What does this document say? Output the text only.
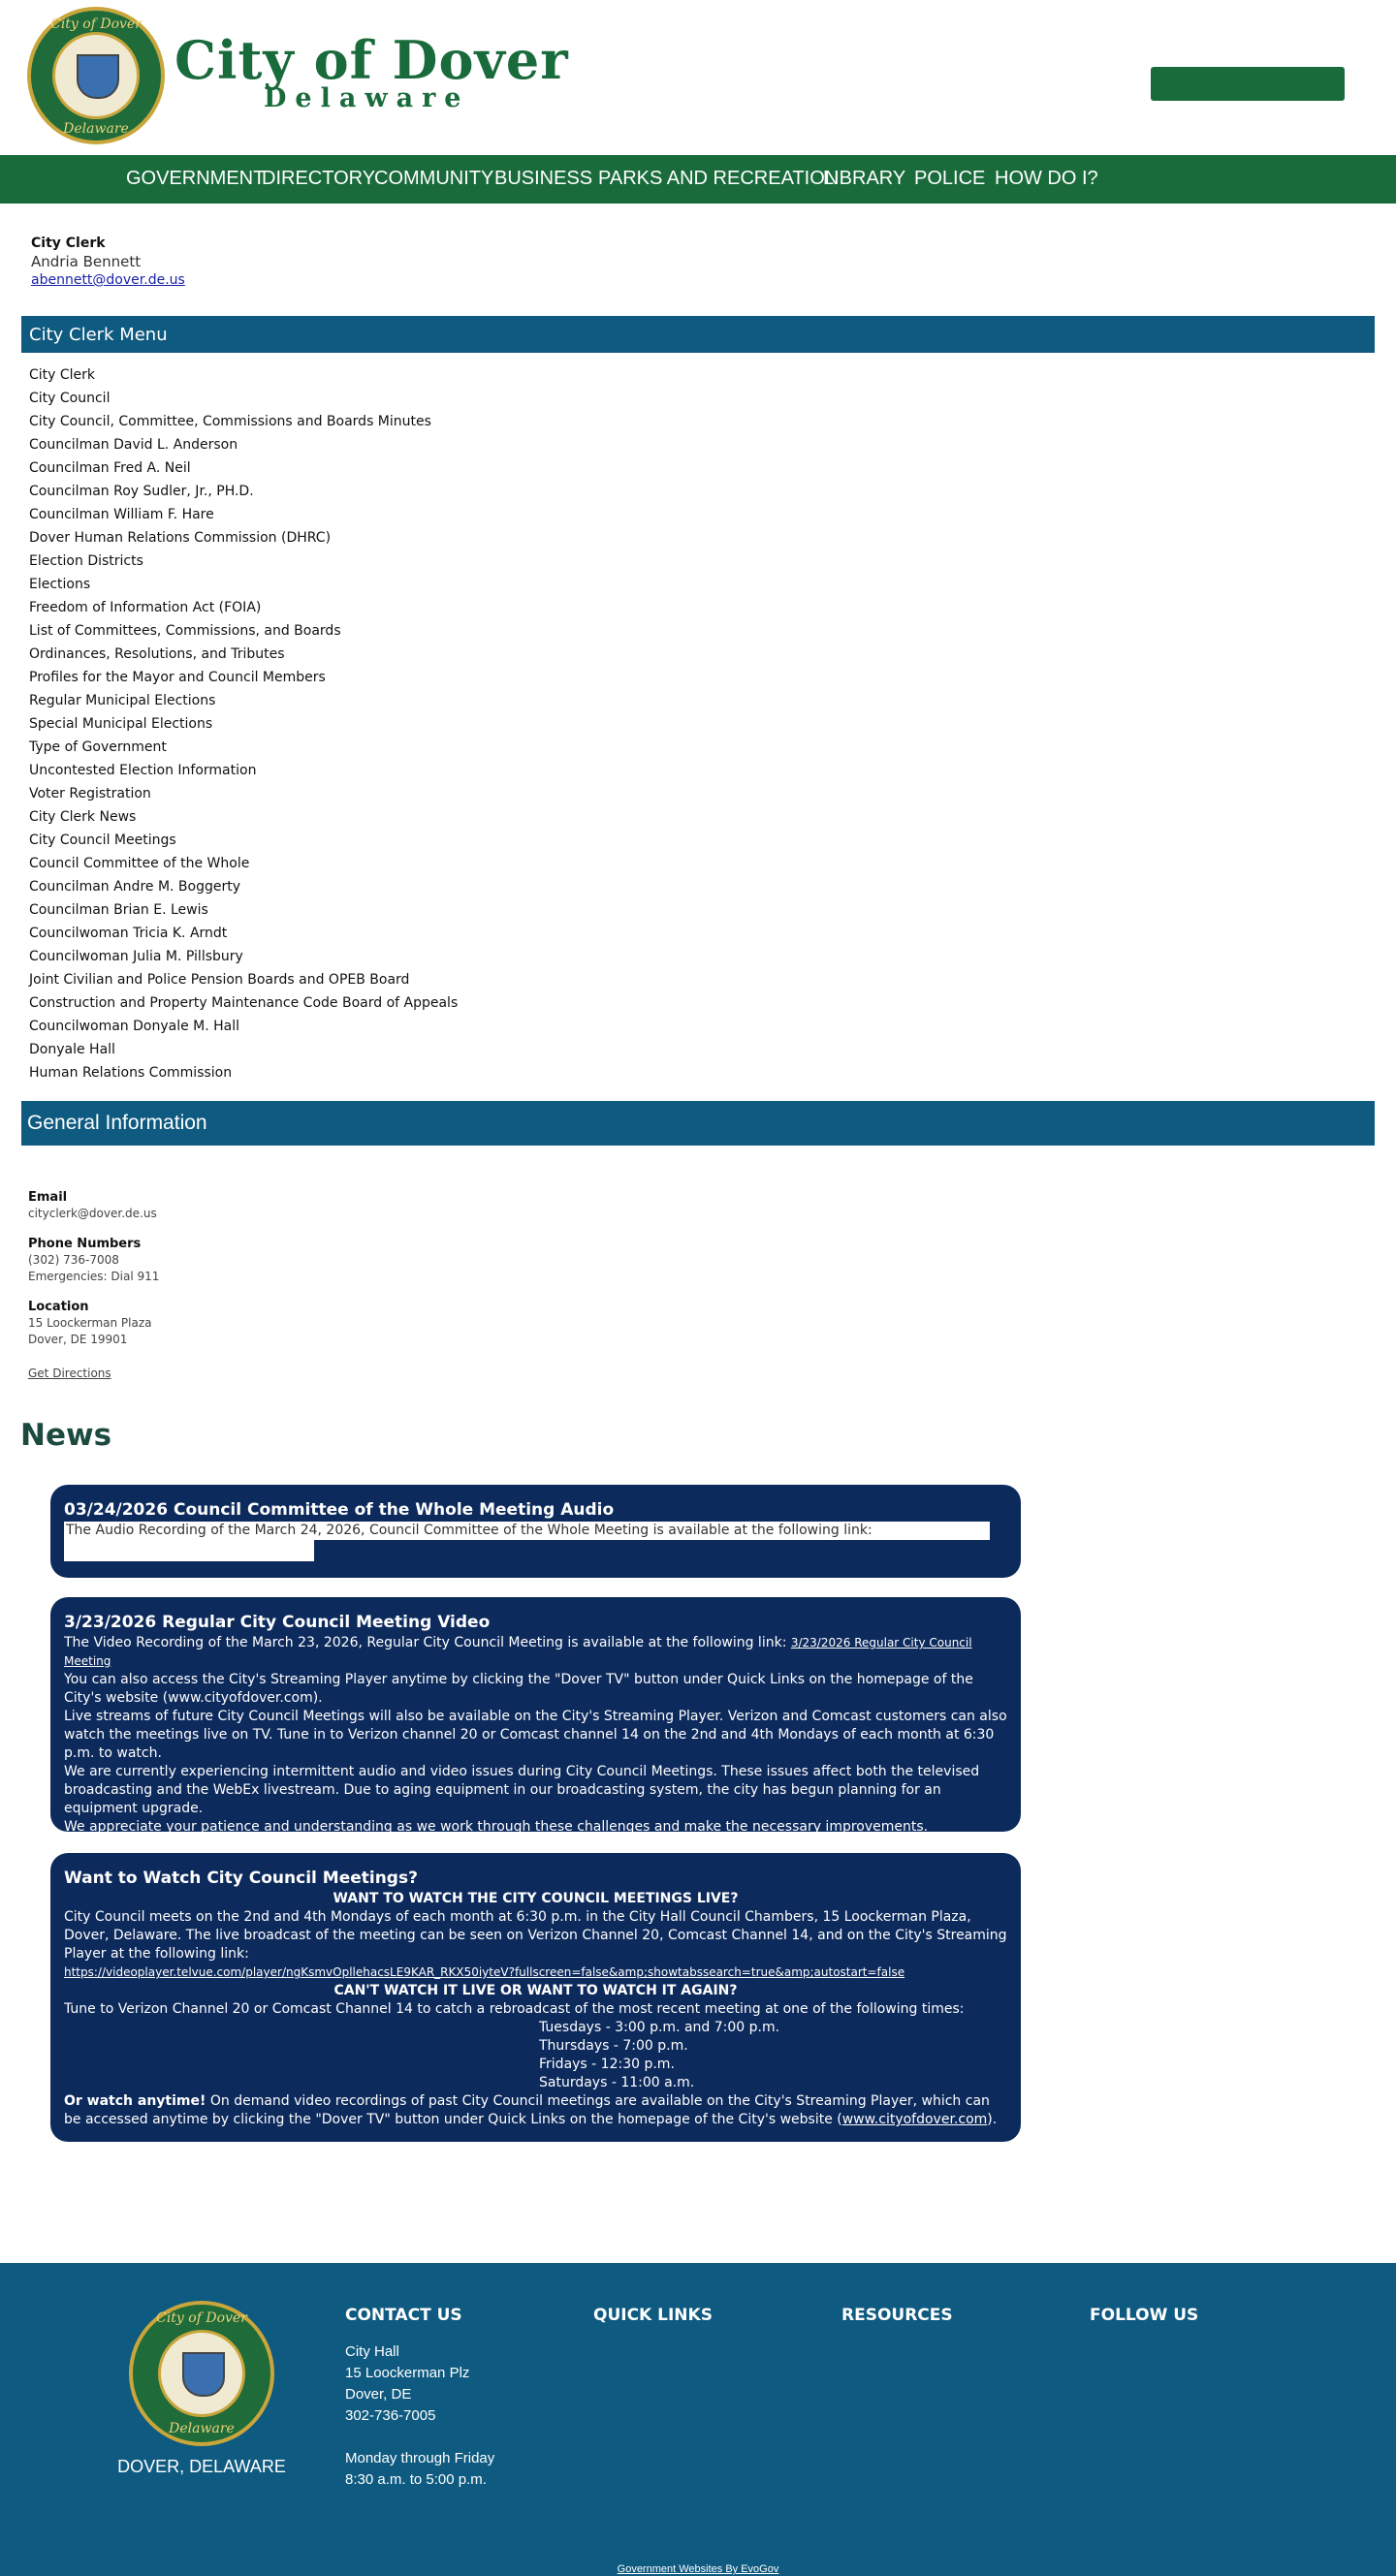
City of Dover
Delaware
City of Dover
Delaware
GOVERNMENT
DIRECTORY
COMMUNITY BUSINESS PARKS AND RECREATION
LIBRARY POLICE HOW DO I?
City Clerk
Andria Bennett
abennett@dover.de.us
City Clerk Menu
City Clerk
City Council
City Council, Committee, Commissions and Boards Minutes
Councilman David L. Anderson
Councilman Fred A. Neil
Councilman Roy Sudler, Jr., PH.D.
Councilman William F. Hare
Dover Human Relations Commission (DHRC)
Election Districts
Elections
Freedom of Information Act (FOIA)
List of Committees, Commissions, and Boards
Ordinances, Resolutions, and Tributes
Profiles for the Mayor and Council Members
Regular Municipal Elections
Special Municipal Elections
Type of Government
Uncontested Election Information
Voter Registration
City Clerk News
City Council Meetings
Council Committee of the Whole
Councilman Andre M. Boggerty
Councilman Brian E. Lewis
Councilwoman Tricia K. Arndt
Councilwoman Julia M. Pillsbury
Joint Civilian and Police Pension Boards and OPEB Board
Construction and Property Maintenance Code Board of Appeals
Councilwoman Donyale M. Hall
Donyale Hall
Human Relations Commission
General Information
Email
cityclerk@dover.de.us
Phone Numbers
(302) 736-7008
Emergencies: Dial 911
Location
15 Loockerman Plaza
Dover, DE 19901
Get Directions
News
03/24/2026 Council Committee of the Whole Meeting Audio

The Audio Recording of the March 24, 2026, Council Committee of the Whole Meeting is available at the following link:

3/23/2026 Regular City Council Meeting Video

The Video Recording of the March 23, 2026, Regular City Council Meeting is available at the following link: 3/23/2026 Regular City Council Meeting

You can also access the City's Streaming Player anytime by clicking the "Dover TV" button under Quick Links on the homepage of the City's website (www.cityofdover.com).

Live streams of future City Council Meetings will also be available on the City's Streaming Player. Verizon and Comcast customers can also watch the meetings live on TV. Tune in to Verizon channel 20 or Comcast channel 14 on the 2nd and 4th Mondays of each month at 6:30 p.m. to watch.

We are currently experiencing intermittent audio and video issues during City Council Meetings. These issues affect both the televised broadcasting and the WebEx livestream. Due to aging equipment in our broadcasting system, the city has begun planning for an equipment upgrade.

We appreciate your patience and understanding as we work through these challenges and make the necessary improvements.

Want to Watch City Council Meetings?

WANT TO WATCH THE CITY COUNCIL MEETINGS LIVE?

City Council meets on the 2nd and 4th Mondays of each month at 6:30 p.m. in the City Hall Council Chambers, 15 Loockerman Plaza, Dover, Delaware. The live broadcast of the meeting can be seen on Verizon Channel 20, Comcast Channel 14, and on the City's Streaming Player at the following link:

https://videoplayer.telvue.com/player/ngKsmvOpllehacsLE9KAR_RKX50iyteV?fullscreen=false&amp;showtabssearch=true&amp;autostart=false

CAN'T WATCH IT LIVE OR WANT TO WATCH IT AGAIN?

Tune to Verizon Channel 20 or Comcast Channel 14 to catch a rebroadcast of the most recent meeting at one of the following times:

Tuesdays - 3:00 p.m. and 7:00 p.m.

Thursdays - 7:00 p.m.

Fridays - 12:30 p.m.

Saturdays - 11:00 a.m.

Or watch anytime! On demand video recordings of past City Council meetings are available on the City's Streaming Player, which can be accessed anytime by clicking the "Dover TV" button under Quick Links on the homepage of the City's website (www.cityofdover.com).

City of Dover
Delaware
DOVER, DELAWARE
CONTACT US	QUICK LINKS	RESOURCES	FOLLOW US
City Hall
15 Loockerman Plz
Dover, DE
302-736-7005
Monday through Friday
8:30 a.m. to 5:00 p.m.
Government Websites By EvoGov
